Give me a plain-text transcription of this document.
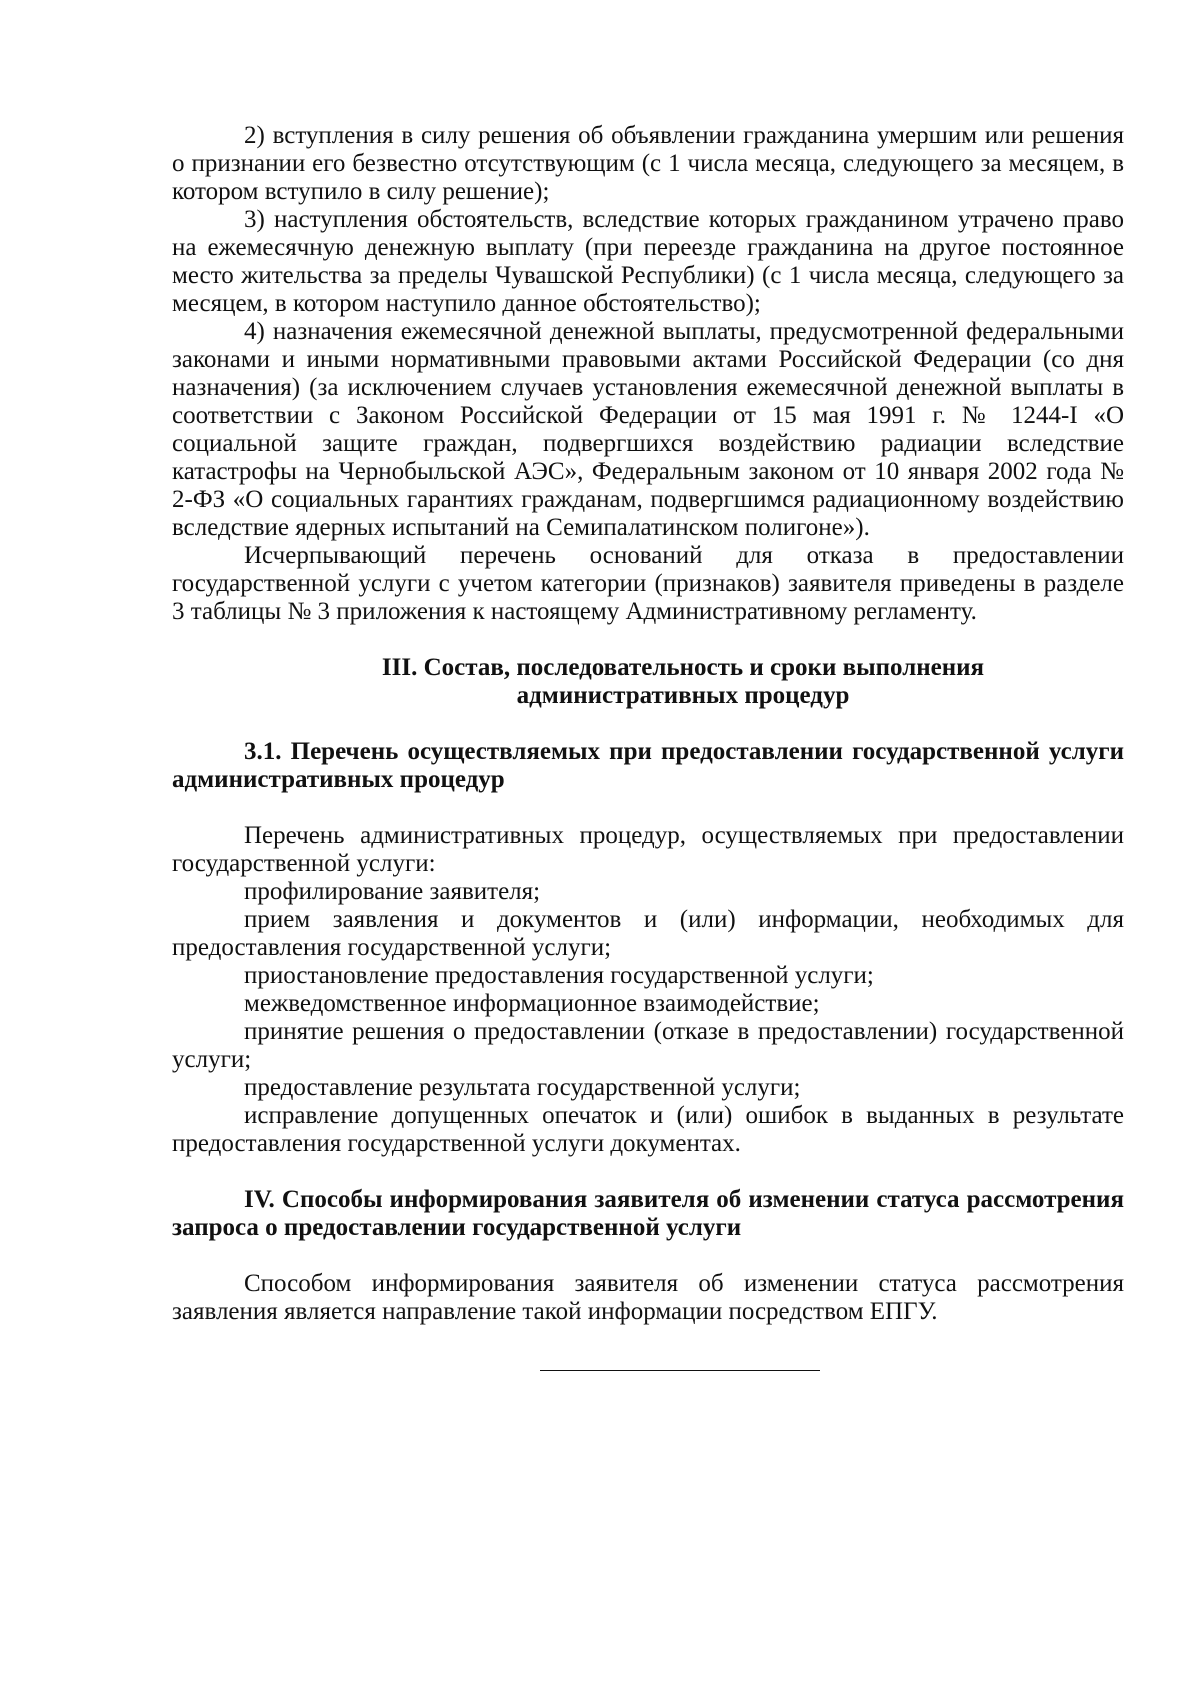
2) вступления в силу решения об объявлении гражданина умершим или решения о признании его безвестно отсутствующим (с 1 числа месяца, следующего за месяцем, в котором вступило в силу решение);

3) наступления обстоятельств, вследствие которых гражданином утрачено право на ежемесячную денежную выплату (при переезде гражданина на другое постоянное место жительства за пределы Чувашской Республики) (с 1 числа месяца, следующего за месяцем, в котором наступило данное обстоятельство);

4) назначения ежемесячной денежной выплаты, предусмотренной федеральными законами и иными нормативными правовыми актами Российской Федерации (со дня назначения) (за исключением случаев установления ежемесячной денежной выплаты в соответствии с Законом Российской Федерации от 15 мая 1991 г. № 1244-I «О социальной защите граждан, подвергшихся воздействию радиации вследствие катастрофы на Чернобыльской АЭС», Федеральным законом от 10 января 2002 года № 2-ФЗ «О социальных гарантиях гражданам, подвергшимся радиационному воздействию вследствие ядерных испытаний на Семипалатинском полигоне»).

Исчерпывающий перечень оснований для отказа в предоставлении государственной услуги с учетом категории (признаков) заявителя приведены в разделе 3 таблицы № 3 приложения к настоящему Административному регламенту.

III. Состав, последовательность и сроки выполнения
административных процедур
3.1. Перечень осуществляемых при предоставлении государственной услуги административных процедур

Перечень административных процедур, осуществляемых при предоставлении государственной услуги:

профилирование заявителя;

прием заявления и документов и (или) информации, необходимых для предоставления государственной услуги;

приостановление предоставления государственной услуги;

межведомственное информационное взаимодействие;

принятие решения о предоставлении (отказе в предоставлении) государственной услуги;

предоставление результата государственной услуги;

исправление допущенных опечаток и (или) ошибок в выданных в результате предоставления государственной услуги документах.

IV. Способы информирования заявителя об изменении статуса рассмотрения запроса о предоставлении государственной услуги

Способом информирования заявителя об изменении статуса рассмотрения заявления является направление такой информации посредством ЕПГУ.
